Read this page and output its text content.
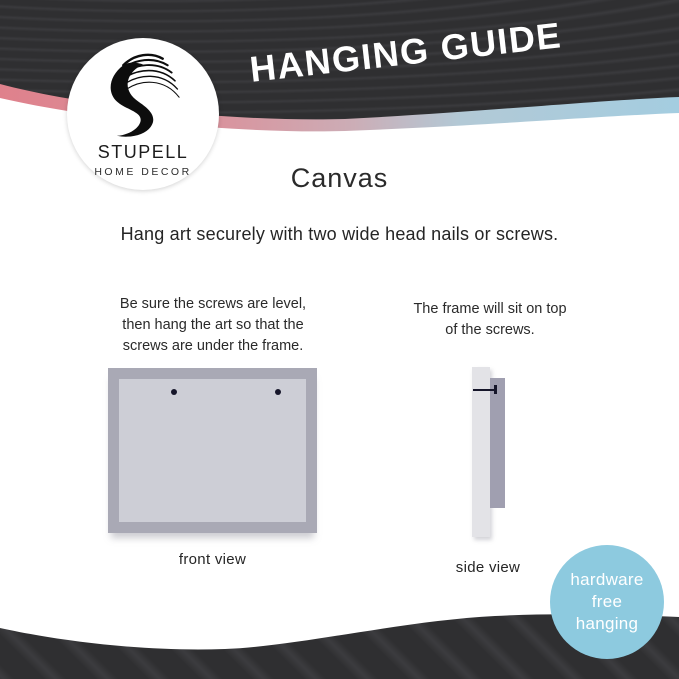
HANGING GUIDE
STUPELL
HOME DECOR	Canvas
Hang art securely with two wide head nails or screws.
Be sure the screws are level,
then hang the art so that the
screws are under the frame.
front view
The frame will sit on top
of the screws.
side view
hardware
free
hanging
